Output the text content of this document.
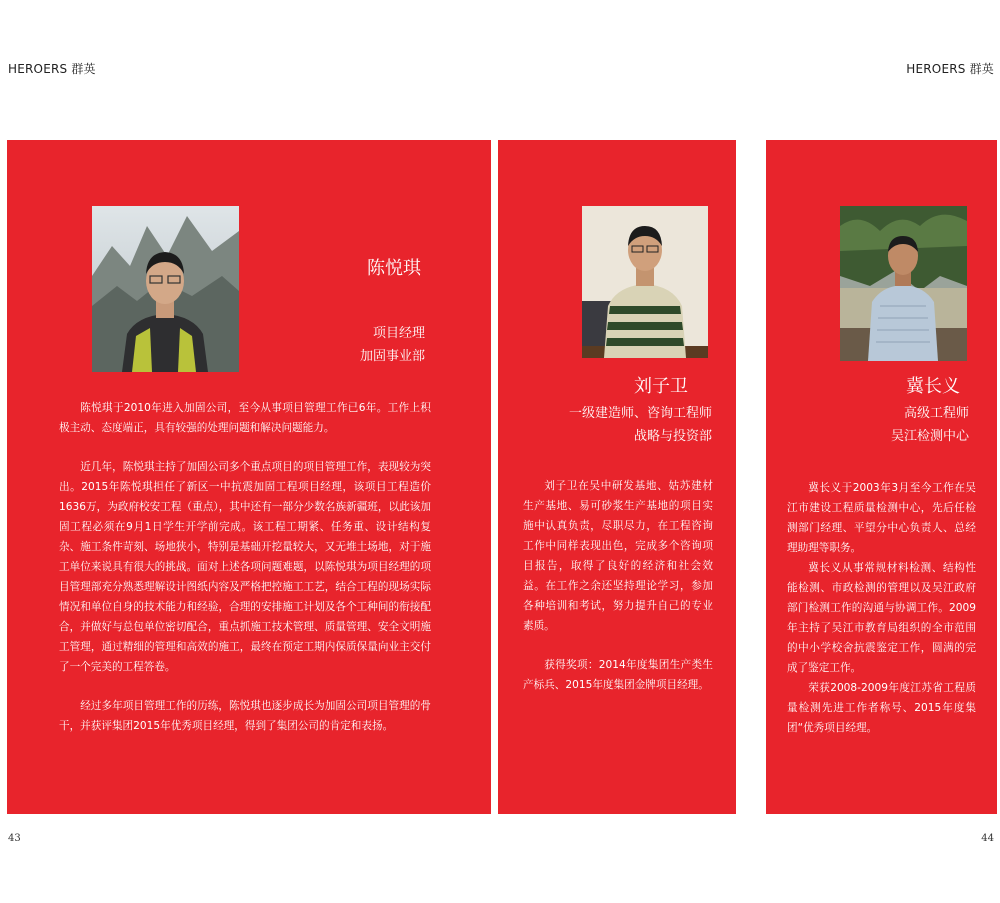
HEROERS 群英	HEROERS 群英
陈悦琪
项目经理
加固事业部

陈悦琪于2010年进入加固公司，至今从事项目管理工作已6年。工作上积极主动、态度端正，具有较强的处理问题和解决问题能力。

近几年，陈悦琪主持了加固公司多个重点项目的项目管理工作，表现较为突出。2015年陈悦琪担任了新区一中抗震加固工程项目经理，该项目工程造价1636万，为政府校安工程（重点），其中还有一部分少数名族新疆班，以此该加固工程必须在9月1日学生开学前完成。该工程工期紧、任务重、设计结构复杂、施工条件苛刻、场地狭小，特别是基础开挖量较大，又无堆土场地，对于施工单位来说具有很大的挑战。面对上述各项问题难题，以陈悦琪为项目经理的项目管理部充分熟悉理解设计图纸内容及严格把控施工工艺，结合工程的现场实际情况和单位自身的技术能力和经验，合理的安排施工计划及各个工种间的衔接配合，并做好与总包单位密切配合，重点抓施工技术管理、质量管理、安全文明施工管理，通过精细的管理和高效的施工，最终在预定工期内保质保量向业主交付了一个完美的工程答卷。

经过多年项目管理工作的历练，陈悦琪也逐步成长为加固公司项目管理的骨干，并获评集团2015年优秀项目经理，得到了集团公司的肯定和表扬。

刘子卫
一级建造师、咨询工程师
战略与投资部

刘子卫在吴中研发基地、姑苏建材生产基地、易可砂浆生产基地的项目实施中认真负责，尽职尽力，在工程咨询工作中同样表现出色，完成多个咨询项目报告，取得了良好的经济和社会效益。在工作之余还坚持理论学习，参加各种培训和考试，努力提升自己的专业素质。

获得奖项：2014年度集团生产类生产标兵、2015年度集团金牌项目经理。

冀长义
高级工程师
吴江检测中心

冀长义于2003年3月至今工作在吴江市建设工程质量检测中心，先后任检测部门经理、平望分中心负责人、总经理助理等职务。

冀长义从事常规材料检测、结构性能检测、市政检测的管理以及吴江政府部门检测工作的沟通与协调工作。2009年主持了吴江市教育局组织的全市范围的中小学校舍抗震鉴定工作，圆满的完成了鉴定工作。

荣获2008-2009年度江苏省工程质量检测先进工作者称号、2015年度集团“优秀项目经理。

43	44
